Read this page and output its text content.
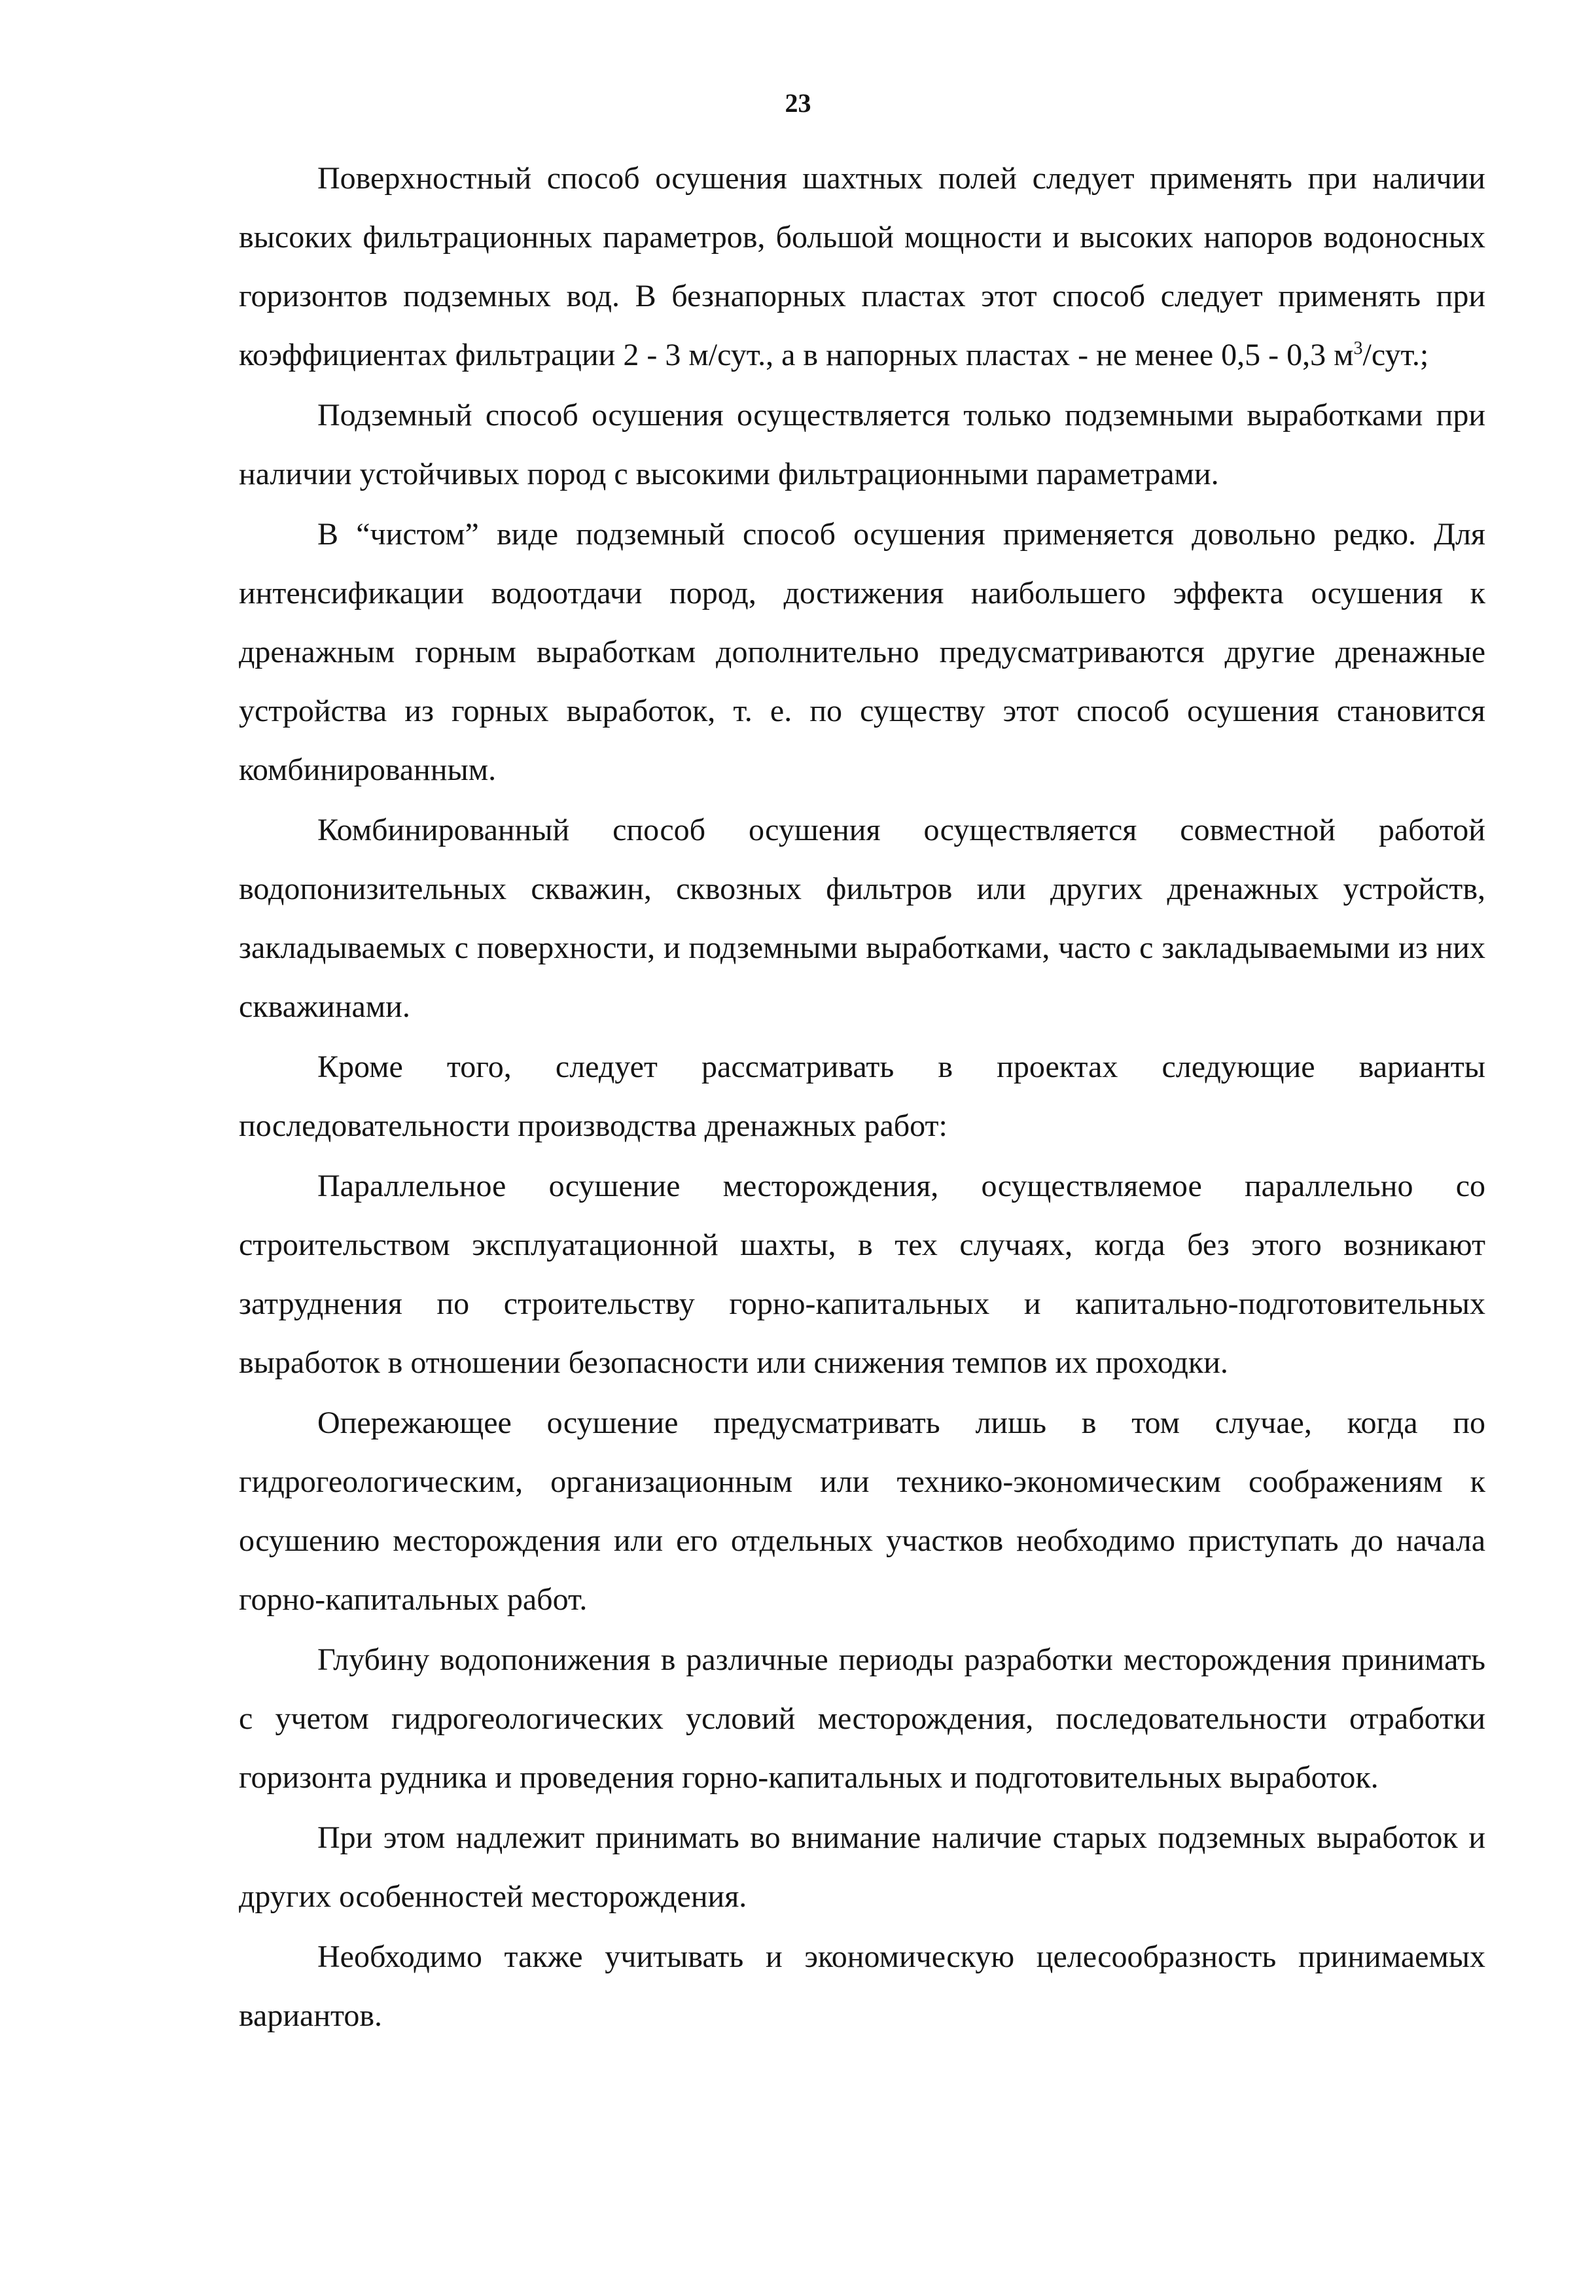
23

Поверхностный способ осушения шахтных полей следует применять при наличии высоких фильтрационных параметров, большой мощности и высоких напоров водоносных горизонтов подземных вод. В безнапорных пластах этот способ следует применять при коэффициентах фильтрации 2 - 3 м/сут., а в напорных пластах - не менее 0,5 - 0,3 $м^3$/сут.;

Подземный способ осушения осуществляется только подземными выработками при наличии устойчивых пород с высокими фильтрационными параметрами.

В “чистом” виде подземный способ осушения применяется довольно редко. Для интенсификации водоотдачи пород, достижения наибольшего эффекта осушения к дренажным горным выработкам дополнительно предусматриваются другие дренажные устройства из горных выработок, т. е. по существу этот способ осушения становится комбинированным.

Комбинированный способ осушения осуществляется совместной работой водопонизительных скважин, сквозных фильтров или других дренажных устройств, закладываемых с поверхности, и подземными выработками, часто с закладываемыми из них скважинами.

Кроме того, следует рассматривать в проектах следующие варианты последовательности производства дренажных работ:

Параллельное осушение месторождения, осуществляемое параллельно со строительством эксплуатационной шахты, в тех случаях, когда без этого возникают затруднения по строительству горно-капитальных и капитально-подготовительных выработок в отношении безопасности или снижения темпов их проходки.

Опережающее осушение предусматривать лишь в том случае, когда по гидрогеологическим, организационным или технико-экономическим соображениям к осушению месторождения или его отдельных участков необходимо приступать до начала горно-капитальных работ.

Глубину водопонижения в различные периоды разработки месторождения принимать с учетом гидрогеологических условий месторождения, последовательности отработки горизонта рудника и проведения горно-капитальных и подготовительных выработок.

При этом надлежит принимать во внимание наличие старых подземных выработок и других особенностей месторождения.

Необходимо также учитывать и экономическую целесообразность принимаемых вариантов.
